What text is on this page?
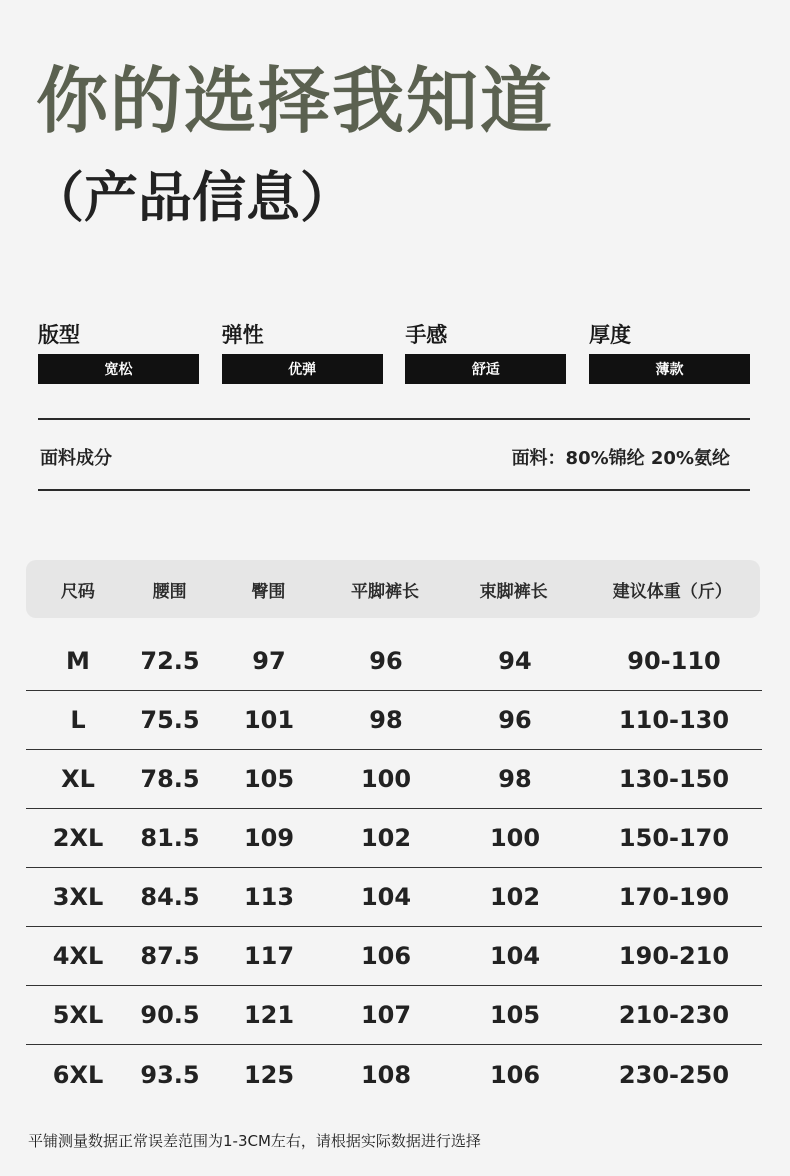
你的选择我知道
（产品信息）
版型
宽松
弹性
优弹
手感
舒适
厚度
薄款
面料成分	面料：80%锦纶 20%氨纶
尺码	腰围	臀围	平脚裤长	束脚裤长	建议体重（斤）
M	72.5	97	96	94	90-110
L	75.5	101	98	96	110-130
XL	78.5	105	100	98	130-150
2XL	81.5	109	102	100	150-170
3XL	84.5	113	104	102	170-190
4XL	87.5	117	106	104	190-210
5XL	90.5	121	107	105	210-230
6XL	93.5	125	108	106	230-250
平铺测量数据正常误差范围为1-3CM左右，请根据实际数据进行选择
